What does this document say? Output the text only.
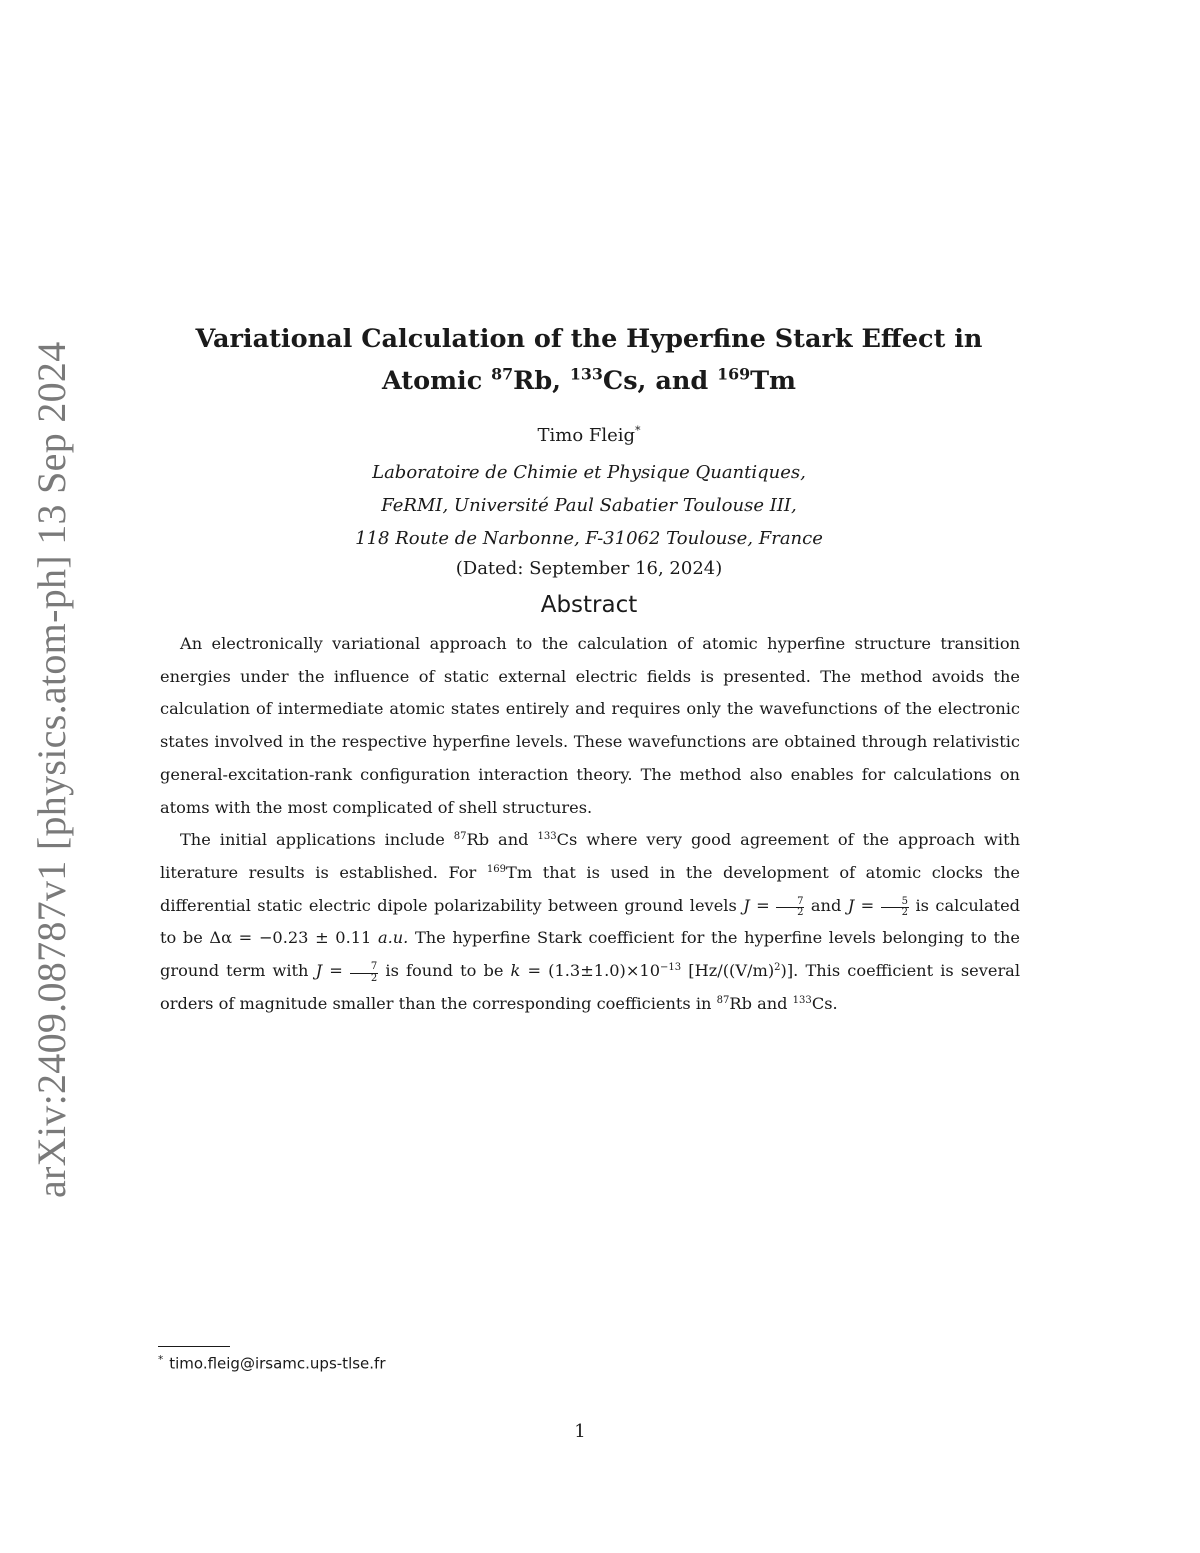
arXiv:2409.08787v1 [physics.atom-ph] 13 Sep 2024
Variational Calculation of the Hyperfine Stark Effect in
Atomic $^{87}$Rb, $^{133}$Cs, and $^{169}$Tm
Timo Fleig*
Laboratoire de Chimie et Physique Quantiques,
FeRMI, Université Paul Sabatier Toulouse III,
118 Route de Narbonne, F-31062 Toulouse, France
(Dated: September 16, 2024)
Abstract

An electronically variational approach to the calculation of atomic hyperfine structure transition energies under the influence of static external electric fields is presented. The method avoids the calculation of intermediate atomic states entirely and requires only the wavefunctions of the electronic states involved in the respective hyperfine levels. These wavefunctions are obtained through relativistic general-excitation-rank configuration interaction theory. The method also enables for calculations on atoms with the most complicated of shell structures.

The initial applications include $^{87}$Rb and $^{133}$Cs where very good agreement of the approach with literature results is established. For $^{169}$Tm that is used in the development of atomic clocks the differential static electric dipole polarizability between ground levels $J = \frac{7}{2}$ and $J = \frac{5}{2}$ is calculated to be Δα = −0.23 ± 0.11 a.u. The hyperfine Stark coefficient for the hyperfine levels belonging to the ground term with $J = \frac{7}{2}$ is found to be $k = (1.3\pm 1.0)\times 10^{-13}$ $[Hz/((V/m)^2)]$. This coefficient is several orders of magnitude smaller than the corresponding coefficients in $^{87}$Rb and $^{133}$Cs.

* timo.fleig@irsamc.ups-tlse.fr
1
